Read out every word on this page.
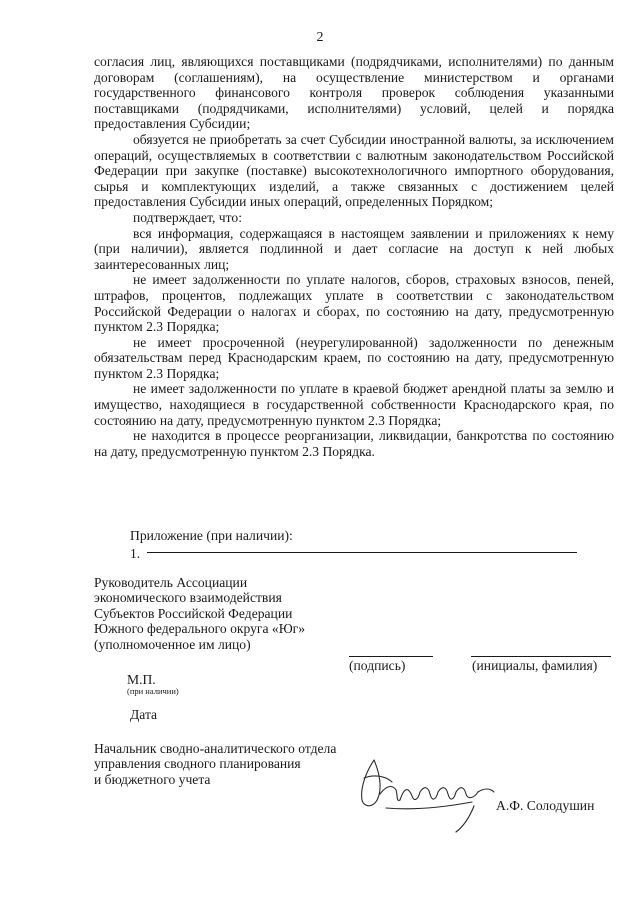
2

согласия лиц, являющихся поставщиками (подрядчиками, исполнителями) по данным договорам (соглашениям), на осуществление министерством и органами государственного финансового контроля проверок соблюдения указанными поставщиками (подрядчиками, исполнителями) условий, целей и порядка предоставления Субсидии;

обязуется не приобретать за счет Субсидии иностранной валюты, за исключением операций, осуществляемых в соответствии с валютным законодательством Российской Федерации при закупке (поставке) высокотехнологичного импортного оборудования, сырья и комплектующих изделий, а также связанных с достижением целей предоставления Субсидии иных операций, определенных Порядком;

подтверждает, что:

вся информация, содержащаяся в настоящем заявлении и приложениях к нему (при наличии), является подлинной и дает согласие на доступ к ней любых заинтересованных лиц;

не имеет задолженности по уплате налогов, сборов, страховых взносов, пеней, штрафов, процентов, подлежащих уплате в соответствии с законодательством Российской Федерации о налогах и сборах, по состоянию на дату, предусмотренную пунктом 2.3 Порядка;

не имеет просроченной (неурегулированной) задолженности по денежным обязательствам перед Краснодарским краем, по состоянию на дату, предусмотренную пунктом 2.3 Порядка;

не имеет задолженности по уплате в краевой бюджет арендной платы за землю и имущество, находящиеся в государственной собственности Краснодарского края, по состоянию на дату, предусмотренную пунктом 2.3 Порядка;

не находится в процессе реорганизации, ликвидации, банкротства по состоянию на дату, предусмотренную пунктом 2.3 Порядка.

Приложение (при наличии):
1.
Руководитель Ассоциации
экономического взаимодействия
Субъектов Российской Федерации
Южного федерального округа «Юг»
(уполномоченное им лицо)
(подпись)	(инициалы, фамилия)
М.П.
(при наличии)
Дата
Начальник сводно-аналитического отдела
управления сводного планирования
и бюджетного учета
А.Ф. Солодушин
